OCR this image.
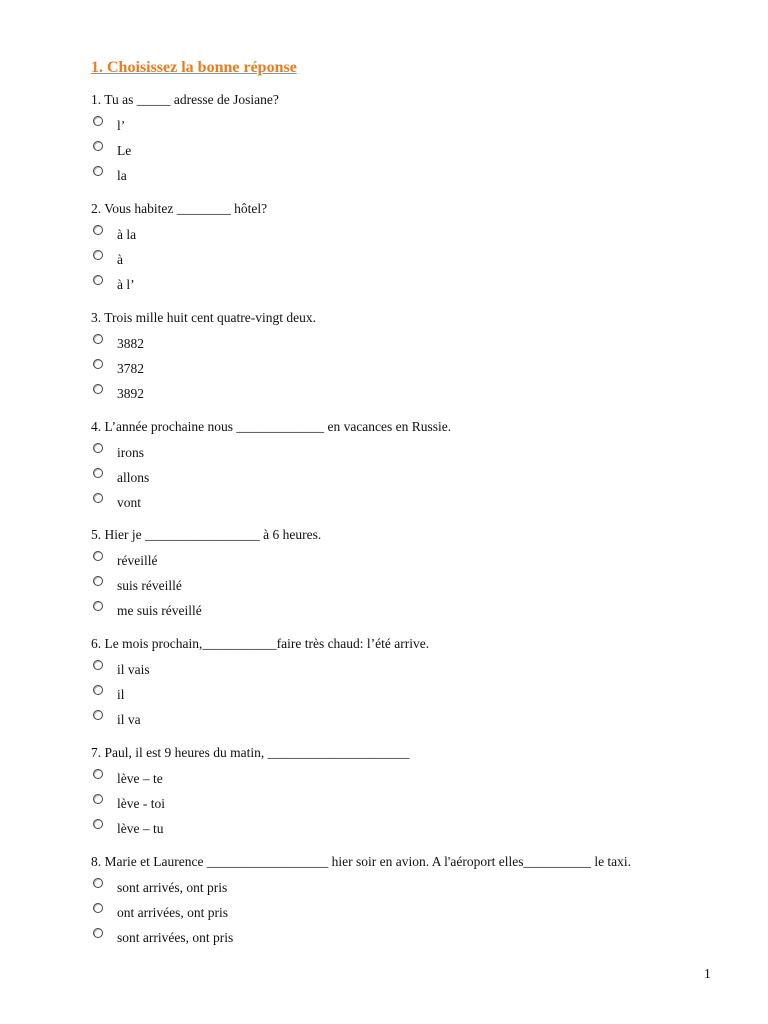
1. Choisissez la bonne réponse
1. Tu as _____ adresse de Josiane?
l’
Le
la
2. Vous habitez ________ hôtel?
à la
à
à l’
3. Trois mille huit cent quatre-vingt deux.
3882
3782
3892
4. L’année prochaine nous _____________ en vacances en Russie.
irons
allons
vont
5. Hier je _________________ à 6 heures.
réveillé
suis réveillé
me suis réveillé
6. Le mois prochain,___________faire très chaud: l’été arrive.
il vais
il
il va
7. Paul, il est 9 heures du matin, _____________________
lève – te
lève - toi
lève – tu
8. Marie et Laurence __________________ hier soir en avion. A l'aéroport elles__________ le taxi.
sont arrivés, ont pris
ont arrivées, ont pris
sont arrivées, ont pris
1
